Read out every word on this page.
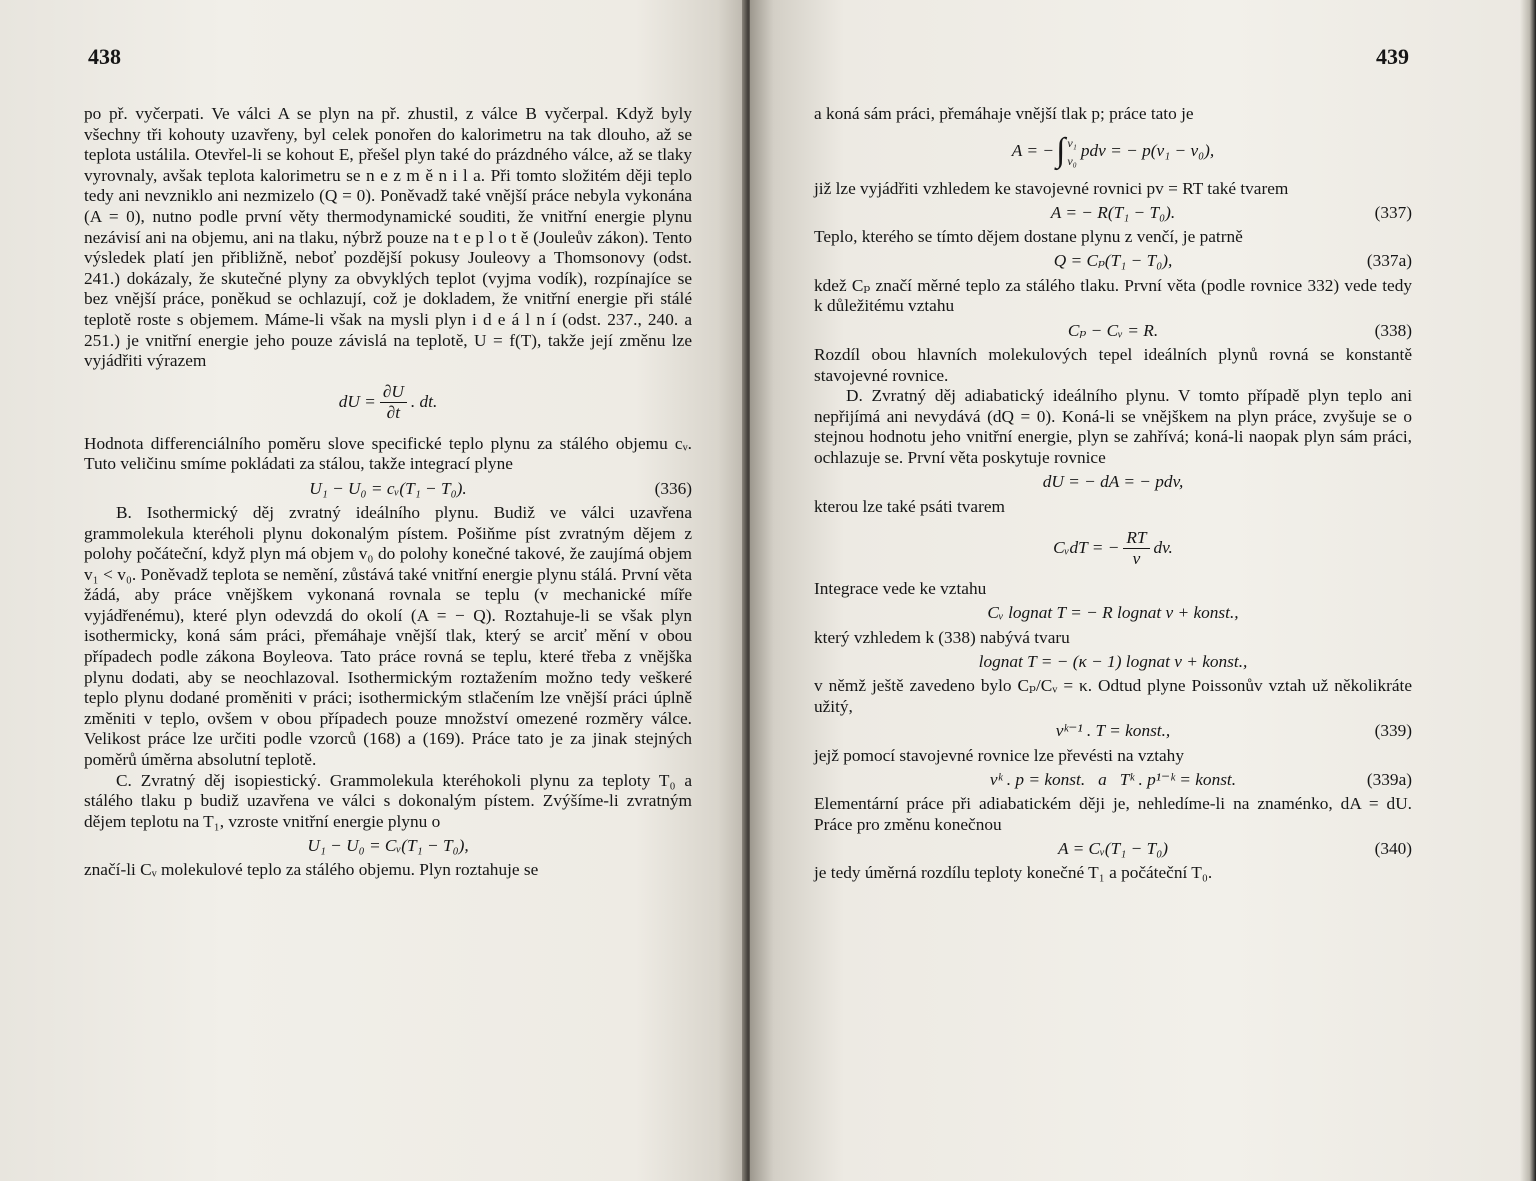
438

po př. vyčerpati. Ve válci A se plyn na př. zhustil, z válce B vyčerpal. Když byly všechny tři kohouty uzavřeny, byl celek ponořen do kalorimetru na tak dlouho, až se teplota ustálila. Otevřel-li se kohout E, přešel plyn také do prázdného válce, až se tlaky vyrovnaly, avšak teplota kalorimetru se n e z m ě n i l a. Při tomto složitém ději teplo tedy ani nevzniklo ani nezmizelo (Q = 0). Poněvadž také vnější práce nebyla vykonána (A = 0), nutno podle první věty thermodynamické souditi, že vnitřní energie plynu nezávisí ani na objemu, ani na tlaku, nýbrž pouze na t e p l o t ě (Jouleův zákon). Tento výsledek platí jen přibližně, neboť pozdější pokusy Jouleovy a Thomsonovy (odst. 241.) dokázaly, že skutečné plyny za obvyklých teplot (vyjma vodík), rozpínajíce se bez vnější práce, poněkud se ochlazují, což je dokladem, že vnitřní energie při stálé teplotě roste s objemem. Máme-li však na mysli plyn i d e á l n í (odst. 237., 240. a 251.) je vnitřní energie jeho pouze závislá na teplotě, U = f(T), takže její změnu lze vyjádřiti výrazem

dU = $\frac{\partial U}{\partial t}$ . dt.

Hodnota differenciálního poměru slove specifické teplo plynu za stálého objemu cᵥ. Tuto veličinu smíme pokládati za stálou, takže integrací plyne

U₁ − U₀ = cᵥ(T₁ − T₀).	(336)

B. Isothermický děj zvratný ideálního plynu. Budiž ve válci uzavřena grammolekula kteréholi plynu dokonalým pístem. Pošiňme píst zvratným dějem z polohy počáteční, když plyn má objem v₀ do polohy konečné takové, že zaujímá objem v₁ < v₀. Poněvadž teplota se nemění, zůstává také vnitřní energie plynu stálá. První věta žádá, aby práce vnějškem vykonaná rovnala se teplu (v mechanické míře vyjádřenému), které plyn odevzdá do okolí (A = − Q). Roztahuje-li se však plyn isothermicky, koná sám práci, přemáhaje vnější tlak, který se arciť mění v obou případech podle zákona Boyleova. Tato práce rovná se teplu, které třeba z vnějška plynu dodati, aby se neochlazoval. Isothermickým roztažením možno tedy veškeré teplo plynu dodané proměniti v práci; isothermickým stlačením lze vnější práci úplně změniti v teplo, ovšem v obou případech pouze množství omezené rozměry válce. Velikost práce lze určiti podle vzorců (168) a (169). Práce tato je za jinak stejných poměrů úměrna absolutní teplotě.

C. Zvratný děj isopiestický. Grammolekula kteréhokoli plynu za teploty T₀ a stálého tlaku p budiž uzavřena ve válci s dokonalým pístem. Zvýšíme-li zvratným dějem teplotu na T₁, vzroste vnitřní energie plynu o

U₁ − U₀ = Cᵥ(T₁ − T₀),

značí-li Cᵥ molekulové teplo za stálého objemu. Plyn roztahuje se

439

a koná sám práci, přemáhaje vnější tlak p; práce tato je

A = − ∫ v₁
v₀
pdv = − p(v₁ − v₀),

již lze vyjádřiti vzhledem ke stavojevné rovnici pv = RT také tvarem

A = − R(T₁ − T₀).	(337)

Teplo, kterého se tímto dějem dostane plynu z venčí, je patrně

Q = Cₚ(T₁ − T₀),	(337a)

kdež Cₚ značí měrné teplo za stálého tlaku. První věta (podle rovnice 332) vede tedy k důležitému vztahu

Cₚ − Cᵥ = R.	(338)

Rozdíl obou hlavních molekulových tepel ideálních plynů rovná se konstantě stavojevné rovnice.

D. Zvratný děj adiabatický ideálního plynu. V tomto případě plyn teplo ani nepřijímá ani nevydává (dQ = 0). Koná-li se vnějškem na plyn práce, zvyšuje se o stejnou hodnotu jeho vnitřní energie, plyn se zahřívá; koná-li naopak plyn sám práci, ochlazuje se. První věta poskytuje rovnice

dU = − dA = − pdv,

kterou lze také psáti tvarem

CᵥdT = − $\frac{RT}{v}$ dv.

Integrace vede ke vztahu

Cᵥ lognat T = − R lognat v + konst.,

který vzhledem k (338) nabývá tvaru

lognat T = − (κ − 1) lognat v + konst.,

v němž ještě zavedeno bylo Cₚ/Cᵥ = κ. Odtud plyne Poissonův vztah už několikráte užitý,

vᵏ⁻¹ . T = konst.,	(339)

jejž pomocí stavojevné rovnice lze převésti na vztahy

vᵏ . p = konst.   a   Tᵏ . p¹⁻ᵏ = konst.	(339a)

Elementární práce při adiabatickém ději je, nehledíme-li na znaménko, dA = dU. Práce pro změnu konečnou

A = Cᵥ(T₁ − T₀)	(340)

je tedy úměrná rozdílu teploty konečné T₁ a počáteční T₀.
